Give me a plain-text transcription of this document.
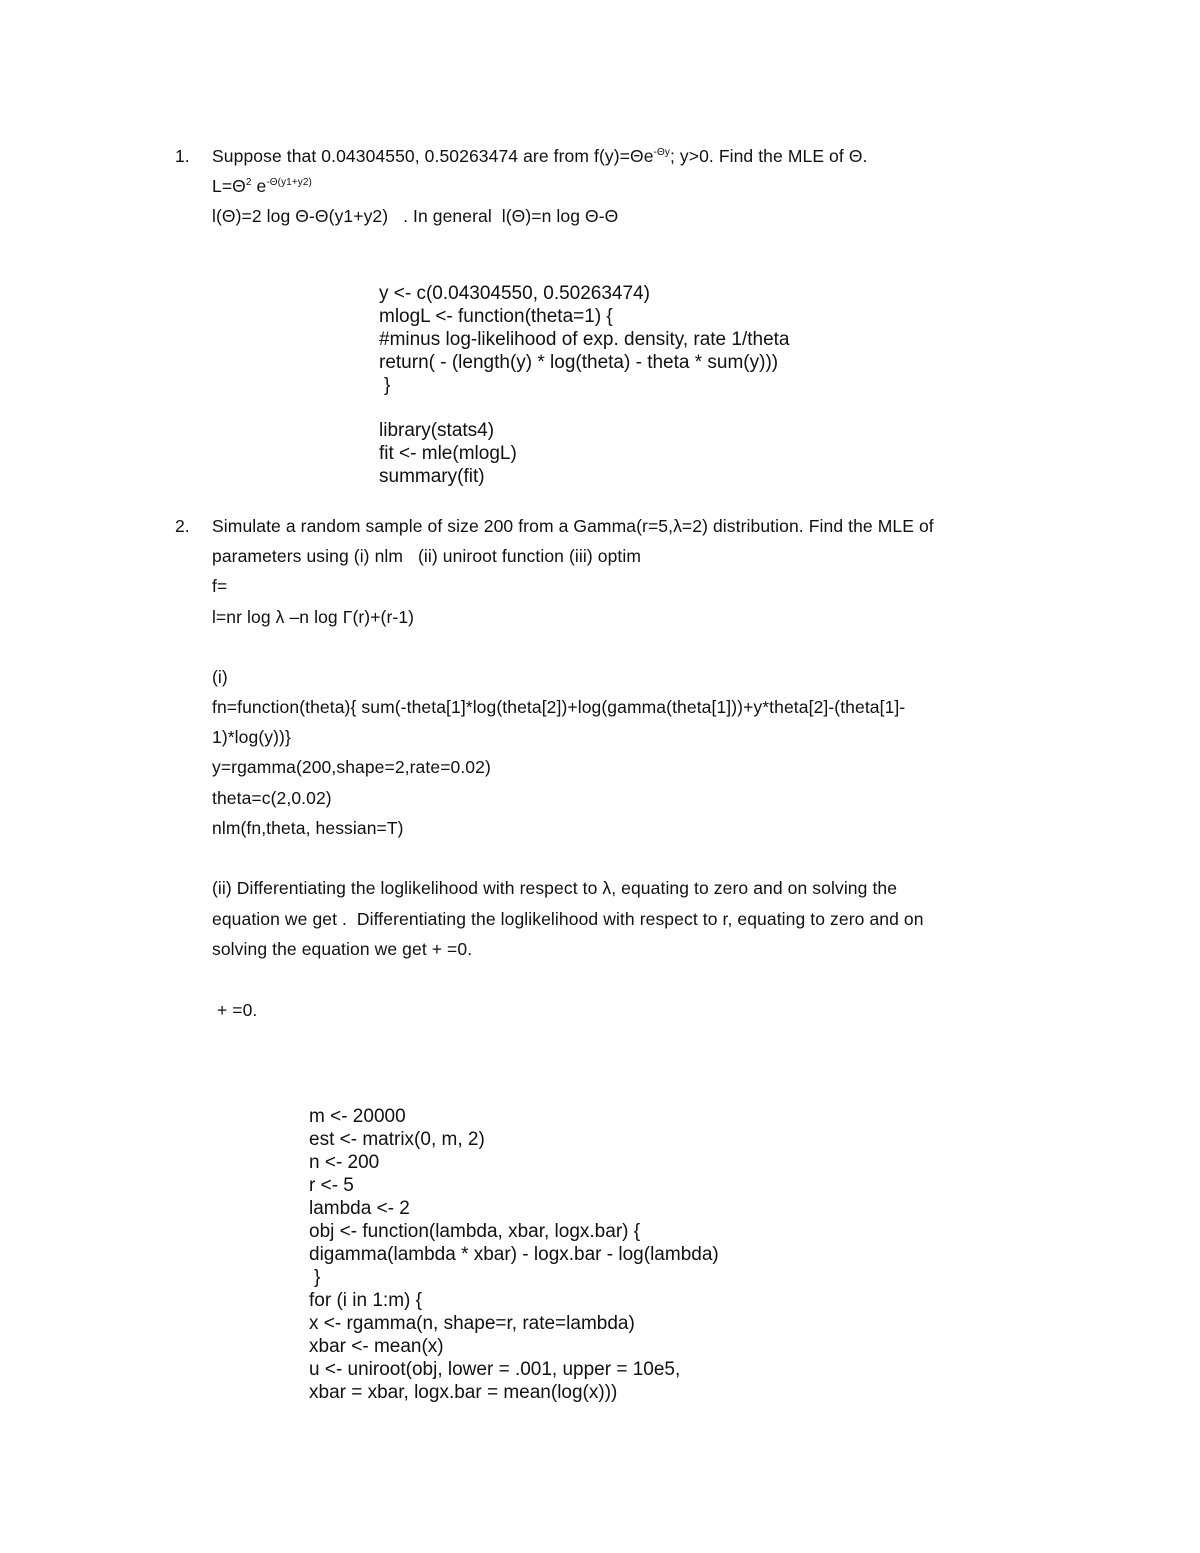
1. Suppose that 0.04304550, 0.50263474 are from $f(y)=\Theta e^{-\Theta y}$; y>0. Find the MLE of Θ.
$L=\Theta^2$ $e^{-\Theta(y1+y2)}$
l(Θ)=2 log Θ-Θ(y1+y2)   . In general  l(Θ)=n log Θ-Θ
y <- c(0.04304550, 0.50263474)
mlogL <- function(theta=1) {
#minus log-likelihood of exp. density, rate 1/theta
return( - (length(y) * log(theta) - theta * sum(y)))
}
library(stats4)
fit <- mle(mlogL)
summary(fit)
2. Simulate a random sample of size 200 from a Gamma(r=5,λ=2) distribution. Find the MLE of
parameters using (i) nlm   (ii) uniroot function (iii) optim
f=
l=nr log λ –n log Γ(r)+(r-1)
(i)
fn=function(theta){ sum(-theta[1]*log(theta[2])+log(gamma(theta[1]))+y*theta[2]-(theta[1]-
1)*log(y))}
y=rgamma(200,shape=2,rate=0.02)
theta=c(2,0.02)
nlm(fn,theta, hessian=T)
(ii) Differentiating the loglikelihood with respect to λ, equating to zero and on solving the
equation we get .  Differentiating the loglikelihood with respect to r, equating to zero and on
solving the equation we get + =0.
+ =0.
m <- 20000
est <- matrix(0, m, 2)
n <- 200
r <- 5
lambda <- 2
obj <- function(lambda, xbar, logx.bar) {
digamma(lambda * xbar) - logx.bar - log(lambda)
}
for (i in 1:m) {
x <- rgamma(n, shape=r, rate=lambda)
xbar <- mean(x)
u <- uniroot(obj, lower = .001, upper = 10e5,
xbar = xbar, logx.bar = mean(log(x)))
